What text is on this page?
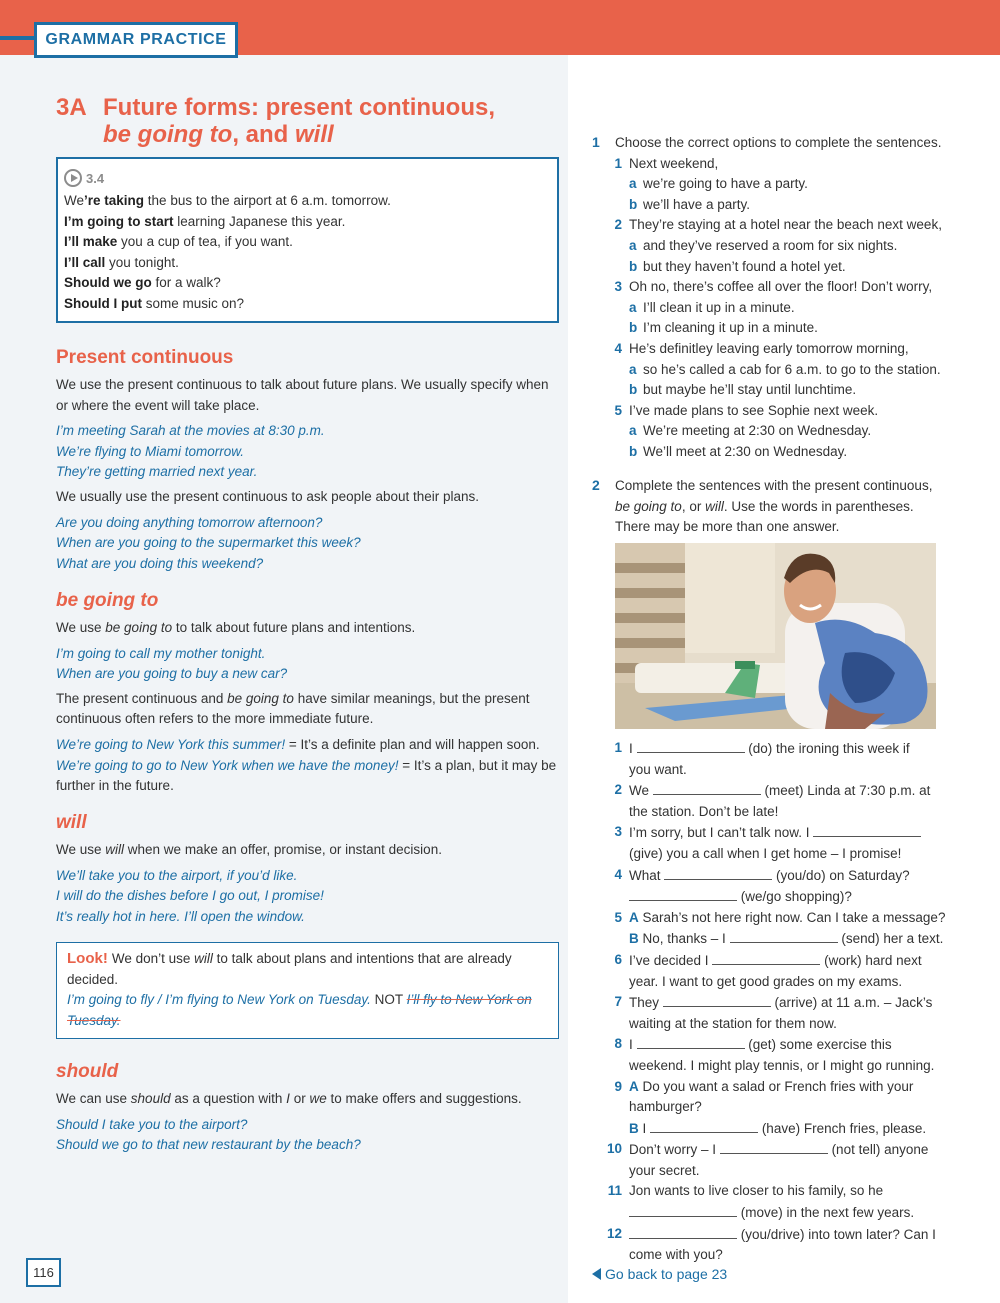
GRAMMAR PRACTICE
3A Future forms: present continuous,
be going to, and will
3.4
We’re taking the bus to the airport at 6 a.m. tomorrow.
I’m going to start learning Japanese this year.
I’ll make you a cup of tea, if you want.
I’ll call you tonight.
Should we go for a walk?
Should I put some music on?
Present continuous
We use the present continuous to talk about future plans. We usually specify when or where the event will take place.
I’m meeting Sarah at the movies at 8:30 p.m.
We’re flying to Miami tomorrow.
They’re getting married next year.
We usually use the present continuous to ask people about their plans.
Are you doing anything tomorrow afternoon?
When are you going to the supermarket this week?
What are you doing this weekend?
be going to
We use be going to to talk about future plans and intentions.
I’m going to call my mother tonight.
When are you going to buy a new car?
The present continuous and be going to have similar meanings, but the present continuous often refers to the more immediate future.
We’re going to New York this summer! = It’s a definite plan and will happen soon.
We’re going to go to New York when we have the money! = It’s a plan, but it may be further in the future.
will
We use will when we make an offer, promise, or instant decision.
We’ll take you to the airport, if you’d like.
I will do the dishes before I go out, I promise!
It’s really hot in here. I’ll open the window.
Look! We don’t use will to talk about plans and intentions that are already decided.
I’m going to fly / I’m flying to New York on Tuesday. NOT I’ll fly to New York on Tuesday.
should
We can use should as a question with I or we to make offers and suggestions.
Should I take you to the airport?
Should we go to that new restaurant by the beach?
116
1 Choose the correct options to complete the sentences.
1 Next weekend,
a we’re going to have a party.
b we’ll have a party.
2 They’re staying at a hotel near the beach next week,
a and they’ve reserved a room for six nights.
b but they haven’t found a hotel yet.
3 Oh no, there’s coffee all over the floor! Don’t worry,
a I’ll clean it up in a minute.
b I’m cleaning it up in a minute.
4 He’s definitley leaving early tomorrow morning,
a so he’s called a cab for 6 a.m. to go to the station.
b but maybe he’ll stay until lunchtime.
5 I’ve made plans to see Sophie next week.
a We’re meeting at 2:30 on Wednesday.
b We’ll meet at 2:30 on Wednesday.
2 Complete the sentences with the present continuous,
be going to, or will. Use the words in parentheses.
There may be more than one answer.
1 I	(do) the ironing this week if
you want.
2 We	(meet) Linda at 7:30 p.m. at
the station. Don’t be late!
3 I’m sorry, but I can’t talk now. I
(give) you a call when I get home – I promise!
4 What	(you/do) on Saturday?
(we/go shopping)?
5 A Sarah’s not here right now. Can I take a message?
B No, thanks – I	(send) her a text.
6 I’ve decided I	(work) hard next
year. I want to get good grades on my exams.
7 They	(arrive) at 11 a.m. – Jack’s
waiting at the station for them now.
8 I	(get) some exercise this
weekend. I might play tennis, or I might go running.
9 A Do you want a salad or French fries with your
hamburger?
B I	(have) French fries, please.
10 Don’t worry – I	(not tell) anyone
your secret.
11 Jon wants to live closer to his family, so he
(move) in the next few years.
12	(you/drive) into town later? Can I
come with you?
Go back to page 23
